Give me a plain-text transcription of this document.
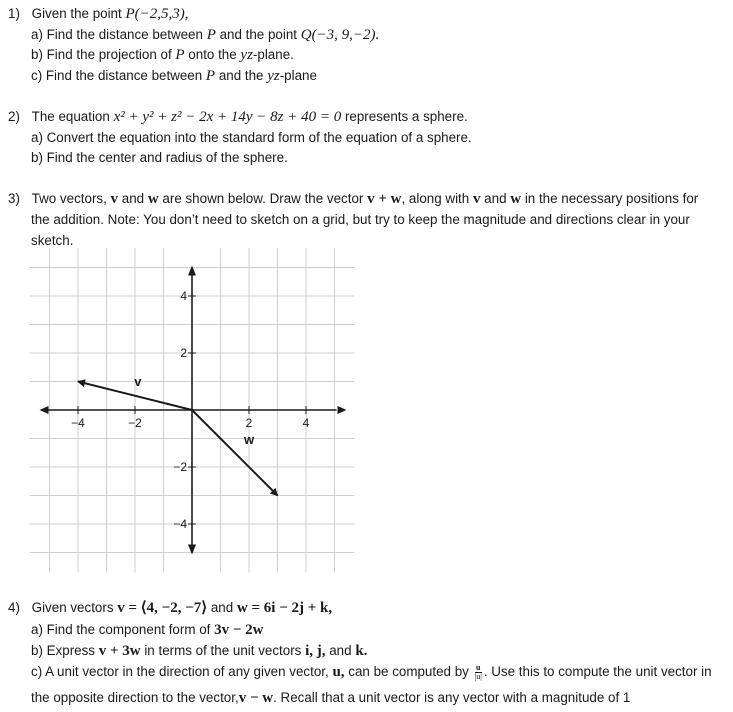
1) Given the point P(−2,5,3),
a) Find the distance between P and the point Q(−3, 9,−2).
b) Find the projection of P onto the yz-plane.
c) Find the distance between P and the yz-plane
2) The equation x² + y² + z² − 2x + 14y − 8z + 40 = 0 represents a sphere.
a) Convert the equation into the standard form of the equation of a sphere.
b) Find the center and radius of the sphere.
3) Two vectors, v and w are shown below. Draw the vector v + w, along with v and w in the necessary positions for
the addition. Note: You don’t need to sketch on a grid, but try to keep the magnitude and directions clear in your
sketch.
−4	−2	2	4
4
2
−2
−4
v
w
4) Given vectors v = ⟨4, −2, −7⟩ and w = 6i − 2j + k,
a) Find the component form of 3v − 2w
b) Express v + 3w in terms of the unit vectors i, j, and k.
c) A unit vector in the direction of any given vector, u, can be computed by $\frac{u}{|u|}$ . Use this to compute the unit vector in
the opposite direction to the vector,v − w. Recall that a unit vector is any vector with a magnitude of 1
